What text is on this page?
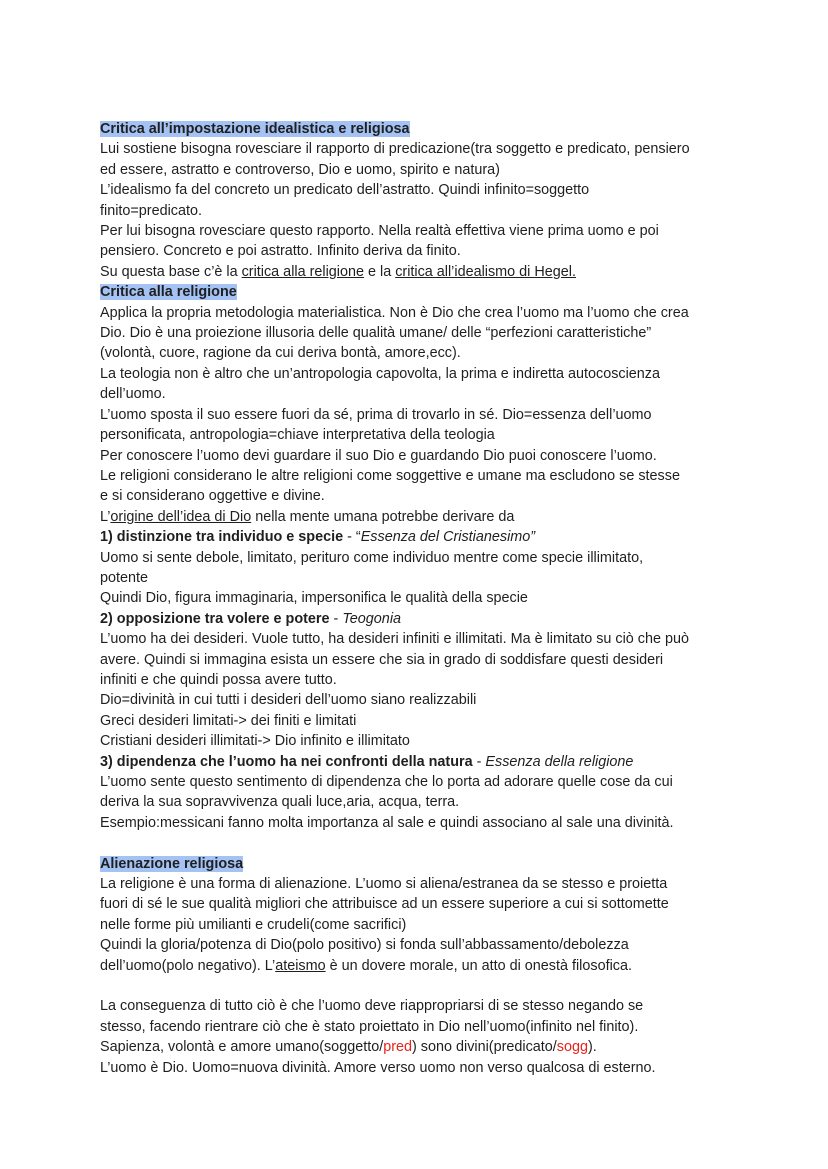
Critica all’impostazione idealistica e religiosa
Lui sostiene bisogna rovesciare il rapporto di predicazione(tra soggetto e predicato, pensiero
ed essere, astratto e controverso, Dio e uomo, spirito e natura)
L’idealismo fa del concreto un predicato dell’astratto. Quindi infinito=soggetto
finito=predicato.
Per lui bisogna rovesciare questo rapporto. Nella realtà effettiva viene prima uomo e poi
pensiero. Concreto e poi astratto. Infinito deriva da finito.
Su questa base c’è la critica alla religione e la critica all’idealismo di Hegel.
Critica alla religione
Applica la propria metodologia materialistica. Non è Dio che crea l’uomo ma l’uomo che crea
Dio. Dio è una proiezione illusoria delle qualità umane/ delle “perfezioni caratteristiche”
(volontà, cuore, ragione da cui deriva bontà, amore,ecc).
La teologia non è altro che un’antropologia capovolta, la prima e indiretta autocoscienza
dell’uomo.
L’uomo sposta il suo essere fuori da sé, prima di trovarlo in sé. Dio=essenza dell’uomo
personificata, antropologia=chiave interpretativa della teologia
Per conoscere l’uomo devi guardare il suo Dio e guardando Dio puoi conoscere l’uomo.
Le religioni considerano le altre religioni come soggettive e umane ma escludono se stesse
e si considerano oggettive e divine.
L’origine dell’idea di Dio nella mente umana potrebbe derivare da
1) distinzione tra individuo e specie - “Essenza del Cristianesimo”
Uomo si sente debole, limitato, perituro come individuo mentre come specie illimitato,
potente
Quindi Dio, figura immaginaria, impersonifica le qualità della specie
2) opposizione tra volere e potere - Teogonia
L’uomo ha dei desideri. Vuole tutto, ha desideri infiniti e illimitati. Ma è limitato su ciò che può
avere. Quindi si immagina esista un essere che sia in grado di soddisfare questi desideri
infiniti e che quindi possa avere tutto.
Dio=divinità in cui tutti i desideri dell’uomo siano realizzabili
Greci desideri limitati-> dei finiti e limitati
Cristiani desideri illimitati-> Dio infinito e illimitato
3) dipendenza che l’uomo ha nei confronti della natura - Essenza della religione
L’uomo sente questo sentimento di dipendenza che lo porta ad adorare quelle cose da cui
deriva la sua sopravvivenza quali luce,aria, acqua, terra.
Esempio:messicani fanno molta importanza al sale e quindi associano al sale una divinità.
Alienazione religiosa
La religione è una forma di alienazione. L’uomo si aliena/estranea da se stesso e proietta
fuori di sé le sue qualità migliori che attribuisce ad un essere superiore a cui si sottomette
nelle forme più umilianti e crudeli(come sacrifici)
Quindi la gloria/potenza di Dio(polo positivo) si fonda sull’abbassamento/debolezza
dell’uomo(polo negativo). L’ateismo è un dovere morale, un atto di onestà filosofica.
La conseguenza di tutto ciò è che l’uomo deve riappropriarsi di se stesso negando se
stesso, facendo rientrare ciò che è stato proiettato in Dio nell’uomo(infinito nel finito).
Sapienza, volontà e amore umano(soggetto/pred) sono divini(predicato/sogg).
L’uomo è Dio. Uomo=nuova divinità. Amore verso uomo non verso qualcosa di esterno.
